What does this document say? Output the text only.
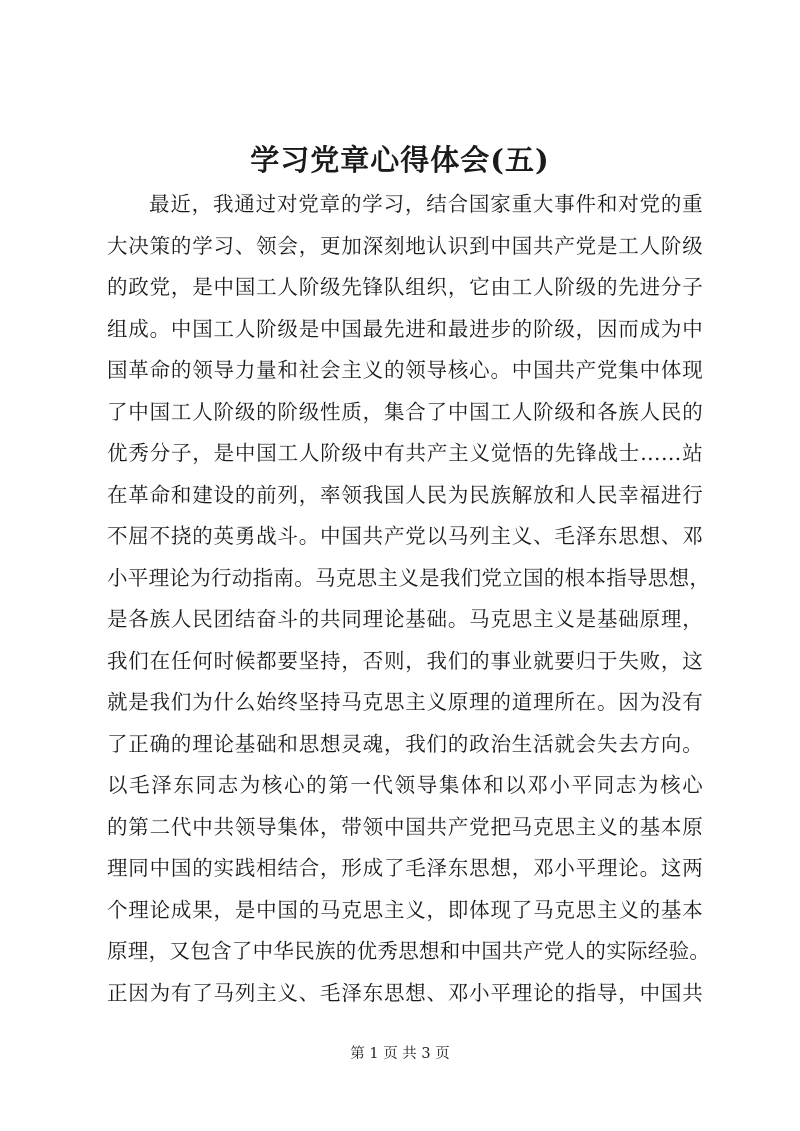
学习党章心得体会(五)
最近，我通过对党章的学习，结合国家重大事件和对党的重
大决策的学习、领会，更加深刻地认识到中国共产党是工人阶级
的政党，是中国工人阶级先锋队组织，它由工人阶级的先进分子
组成。中国工人阶级是中国最先进和最进步的阶级，因而成为中
国革命的领导力量和社会主义的领导核心。中国共产党集中体现
了中国工人阶级的阶级性质，集合了中国工人阶级和各族人民的
优秀分子，是中国工人阶级中有共产主义觉悟的先锋战士……站
在革命和建设的前列，率领我国人民为民族解放和人民幸福进行
不屈不挠的英勇战斗。中国共产党以马列主义、毛泽东思想、邓
小平理论为行动指南。马克思主义是我们党立国的根本指导思想，
是各族人民团结奋斗的共同理论基础。马克思主义是基础原理，
我们在任何时候都要坚持，否则，我们的事业就要归于失败，这
就是我们为什么始终坚持马克思主义原理的道理所在。因为没有
了正确的理论基础和思想灵魂，我们的政治生活就会失去方向。
以毛泽东同志为核心的第一代领导集体和以邓小平同志为核心
的第二代中共领导集体，带领中国共产党把马克思主义的基本原
理同中国的实践相结合，形成了毛泽东思想，邓小平理论。这两
个理论成果，是中国的马克思主义，即体现了马克思主义的基本
原理，又包含了中华民族的优秀思想和中国共产党人的实际经验。
正因为有了马列主义、毛泽东思想、邓小平理论的指导，中国共
第 1 页 共 3 页
